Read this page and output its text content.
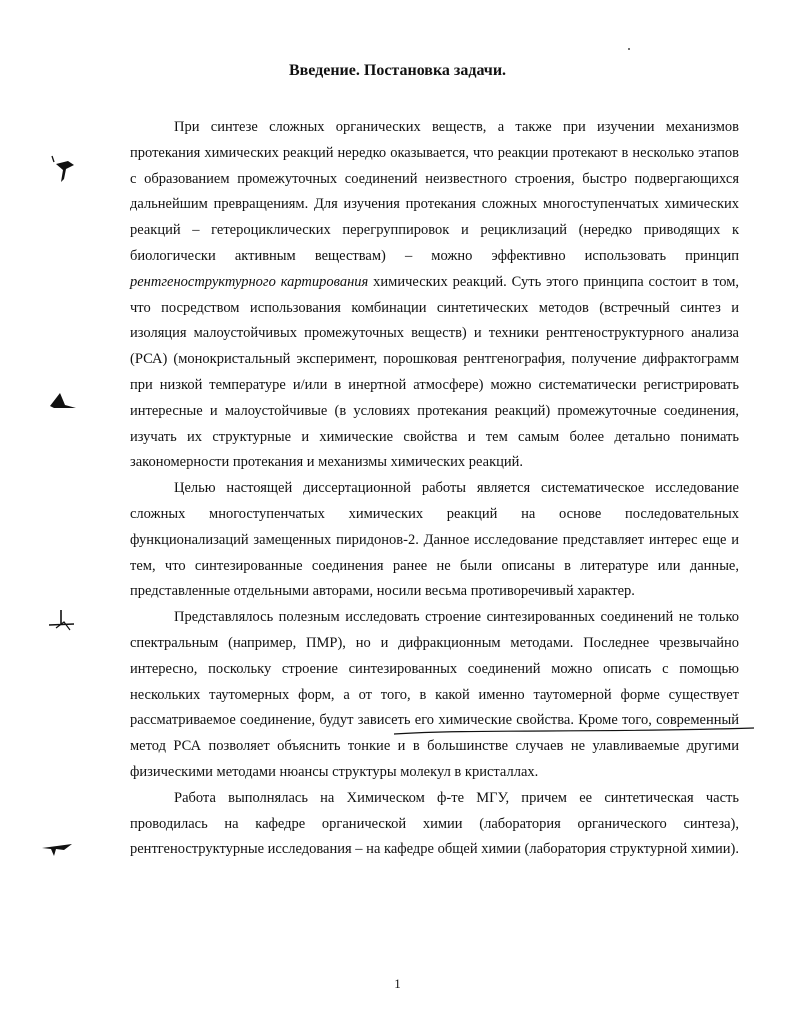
Введение. Постановка задачи.

При синтезе сложных органических веществ, а также при изучении механизмов протекания химических реакций нередко оказывается, что реакции протекают в несколько этапов с образованием промежуточных соединений неизвестного строения, быстро подвергающихся дальнейшим превращениям. Для изучения протекания сложных многоступенчатых химических реакций – гетероциклических перегруппировок и рециклизаций (нередко приводящих к биологически активным веществам) – можно эффективно использовать принцип рентгеноструктурного картирования химических реакций. Суть этого принципа состоит в том, что посредством использования комбинации синтетических методов (встречный синтез и изоляция малоустойчивых промежуточных веществ) и техники рентгеноструктурного анализа (РСА) (монокристальный эксперимент, порошковая рентгенография, получение дифрактограмм при низкой температуре и/или в инертной атмосфере) можно систематически регистрировать интересные и малоустойчивые (в условиях протекания реакций) промежуточные соединения, изучать их структурные и химические свойства и тем самым более детально понимать закономерности протекания и механизмы химических реакций.

Целью настоящей диссертационной работы является систематическое исследование сложных многоступенчатых химических реакций на основе последовательных функционализаций замещенных пиридонов-2. Данное исследование представляет интерес еще и тем, что синтезированные соединения ранее не были описаны в литературе или данные, представленные отдельными авторами, носили весьма противоречивый характер.

Представлялось полезным исследовать строение синтезированных соединений не только спектральным (например, ПМР), но и дифракционным методами. Последнее чрезвычайно интересно, поскольку строение синтезированных соединений можно описать с помощью нескольких таутомерных форм, а от того, в какой именно таутомерной форме существует рассматриваемое соединение, будут зависеть его химические свойства. Кроме того, современный метод РСА позволяет объяснить тонкие и в большинстве случаев не улавливаемые другими физическими методами нюансы структуры молекул в кристаллах.

Работа выполнялась на Химическом ф-те МГУ, причем ее синтетическая часть проводилась на кафедре органической химии (лаборатория органического синтеза), рентгеноструктурные исследования – на кафедре общей химии (лаборатория структурной химии).

1
